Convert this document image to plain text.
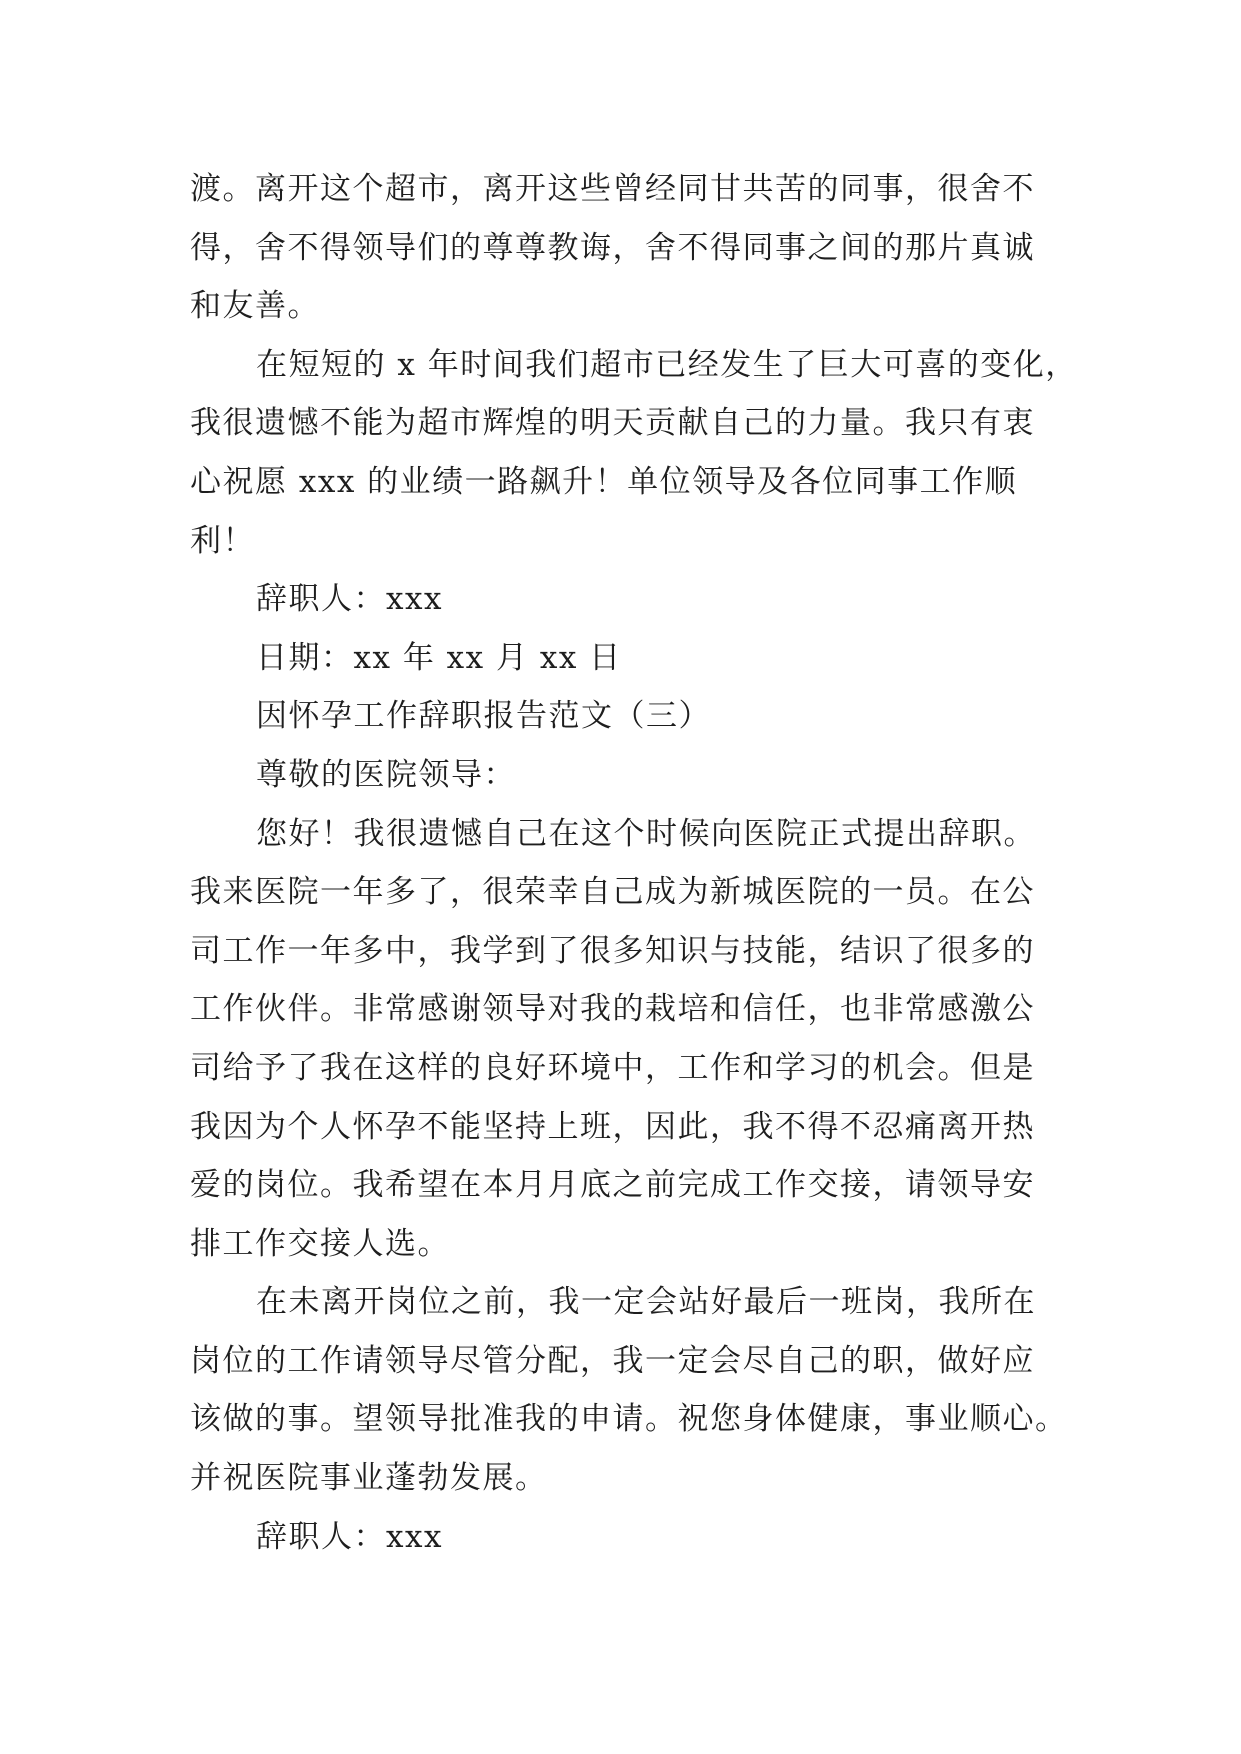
渡。离开这个超市，离开这些曾经同甘共苦的同事，很舍不
得，舍不得领导们的尊尊教诲，舍不得同事之间的那片真诚
和友善。
在短短的 x 年时间我们超市已经发生了巨大可喜的变化，
我很遗憾不能为超市辉煌的明天贡献自己的力量。我只有衷
心祝愿 xxx 的业绩一路飙升！单位领导及各位同事工作顺
利！
辞职人：xxx
日期：xx 年 xx 月 xx 日
因怀孕工作辞职报告范文（三）
尊敬的医院领导：
您好！我很遗憾自己在这个时候向医院正式提出辞职。
我来医院一年多了，很荣幸自己成为新城医院的一员。在公
司工作一年多中，我学到了很多知识与技能，结识了很多的
工作伙伴。非常感谢领导对我的栽培和信任，也非常感激公
司给予了我在这样的良好环境中，工作和学习的机会。但是
我因为个人怀孕不能坚持上班，因此，我不得不忍痛离开热
爱的岗位。我希望在本月月底之前完成工作交接，请领导安
排工作交接人选。
在未离开岗位之前，我一定会站好最后一班岗，我所在
岗位的工作请领导尽管分配，我一定会尽自己的职，做好应
该做的事。望领导批准我的申请。祝您身体健康，事业顺心。
并祝医院事业蓬勃发展。
辞职人：xxx
